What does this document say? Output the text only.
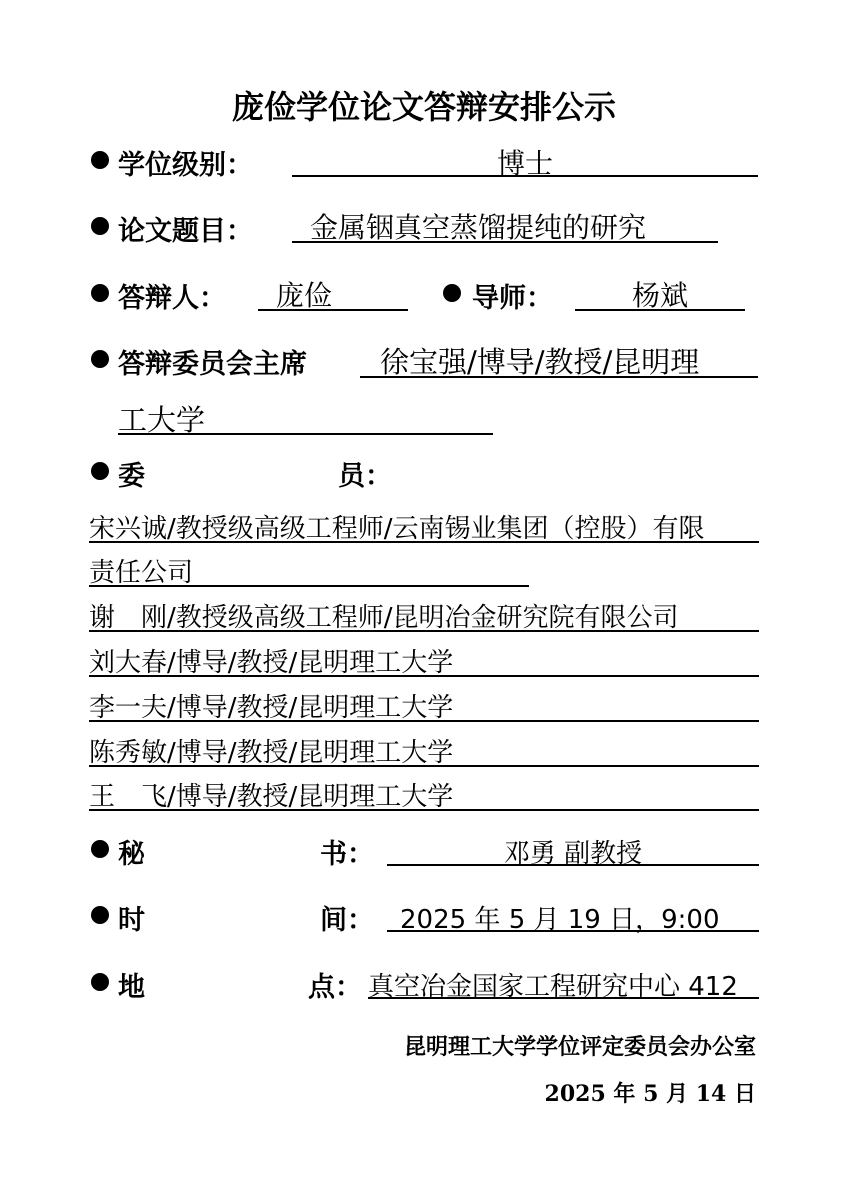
庞俭学位论文答辩安排公示
学位级别：	博士
论文题目： 金属铟真空蒸馏提纯的研究
答辩人： 庞俭	导师：	杨斌
答辩委员会主席	徐宝强/博导/教授/昆明理
工大学
委	员：
宋兴诚/教授级高级工程师/云南锡业集团（控股）有限
责任公司
谢　刚/教授级高级工程师/昆明冶金研究院有限公司
刘大春/博导/教授/昆明理工大学
李一夫/博导/教授/昆明理工大学
陈秀敏/博导/教授/昆明理工大学
王　飞/博导/教授/昆明理工大学
秘	书：	邓勇 副教授
时	间： 2025 年 5 月 19 日，9:00
地	点： 真空冶金国家工程研究中心 412
昆明理工大学学位评定委员会办公室
2025 年 5 月 14 日
